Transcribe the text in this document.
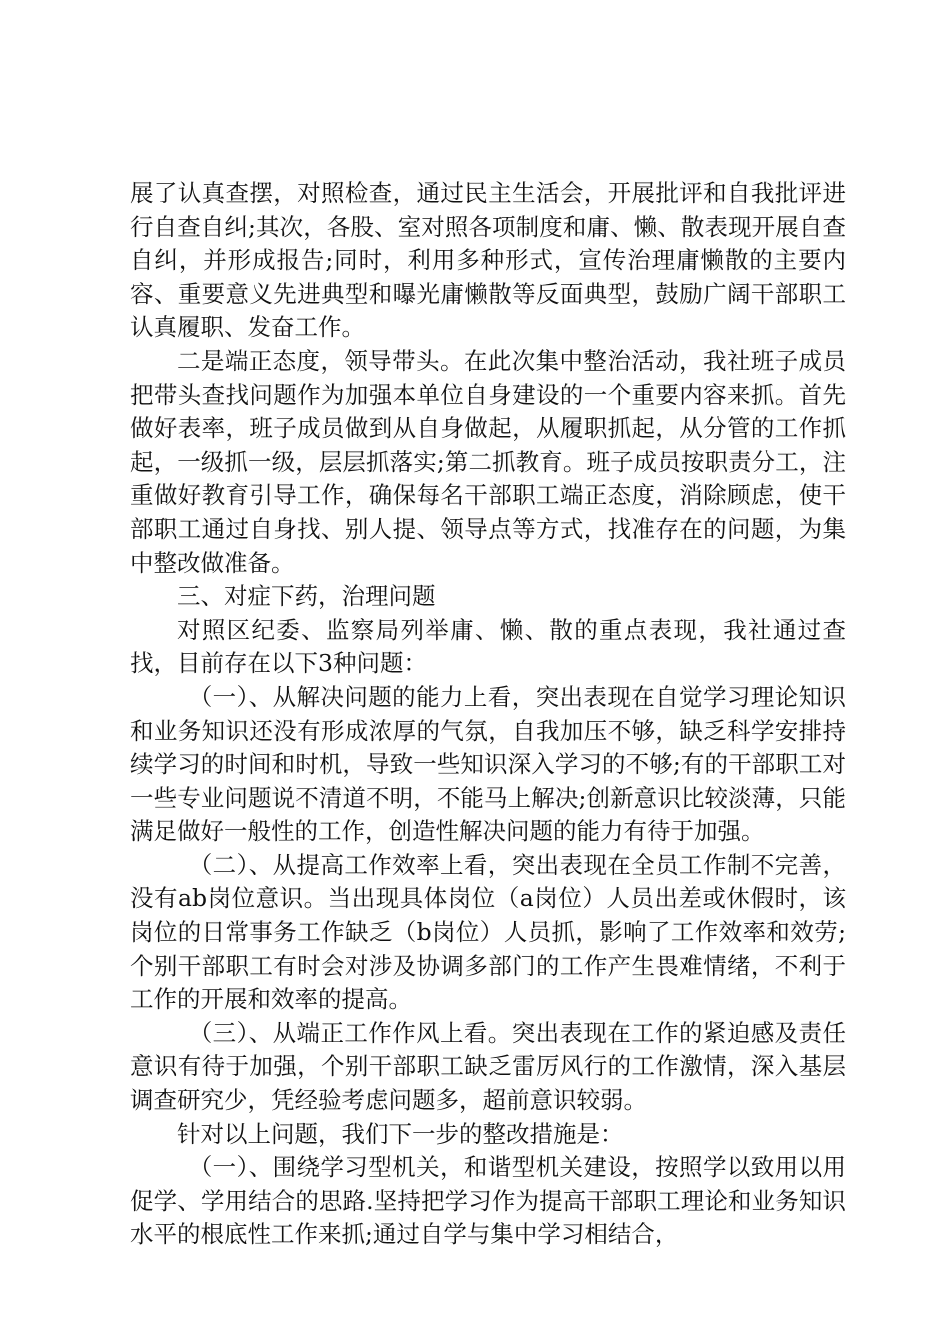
展了认真查摆，对照检查，通过民主生活会，开展批评和自我批评进行自查自纠;其次，各股、室对照各项制度和庸、懒、散表现开展自查自纠，并形成报告;同时，利用多种形式，宣传治理庸懒散的主要内容、重要意义先进典型和曝光庸懒散等反面典型，鼓励广阔干部职工认真履职、发奋工作。

二是端正态度，领导带头。在此次集中整治活动，我社班子成员把带头查找问题作为加强本单位自身建设的一个重要内容来抓。首先做好表率，班子成员做到从自身做起，从履职抓起，从分管的工作抓起，一级抓一级，层层抓落实;第二抓教育。班子成员按职责分工，注重做好教育引导工作，确保每名干部职工端正态度，消除顾虑，使干部职工通过自身找、别人提、领导点等方式，找准存在的问题，为集中整改做准备。

三、对症下药，治理问题

对照区纪委、监察局列举庸、懒、散的重点表现，我社通过查找，目前存在以下3种问题：

（一）、从解决问题的能力上看，突出表现在自觉学习理论知识和业务知识还没有形成浓厚的气氛，自我加压不够，缺乏科学安排持续学习的时间和时机，导致一些知识深入学习的不够;有的干部职工对一些专业问题说不清道不明，不能马上解决;创新意识比较淡薄，只能满足做好一般性的工作，创造性解决问题的能力有待于加强。

（二）、从提高工作效率上看，突出表现在全员工作制不完善，没有ab岗位意识。当出现具体岗位（a岗位）人员出差或休假时，该岗位的日常事务工作缺乏（b岗位）人员抓，影响了工作效率和效劳;个别干部职工有时会对涉及协调多部门的工作产生畏难情绪，不利于工作的开展和效率的提高。

（三）、从端正工作作风上看。突出表现在工作的紧迫感及责任意识有待于加强，个别干部职工缺乏雷厉风行的工作激情，深入基层调查研究少，凭经验考虑问题多，超前意识较弱。

针对以上问题，我们下一步的整改措施是：

（一）、围绕学习型机关，和谐型机关建设，按照学以致用以用促学、学用结合的思路.坚持把学习作为提高干部职工理论和业务知识水平的根底性工作来抓;通过自学与集中学习相结合，
